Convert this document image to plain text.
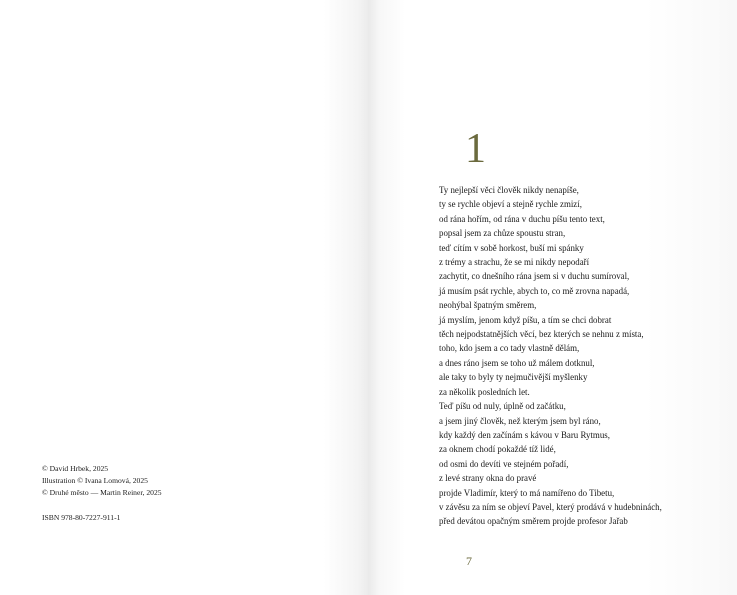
© David Hrbek, 2025
Illustration © Ivana Lomová, 2025
© Druhé město — Martin Reiner, 2025
ISBN 978-80-7227-911-1
1
Ty nejlepší věci člověk nikdy nenapíše,
ty se rychle objeví a stejně rychle zmizí,
od rána hořím, od rána v duchu píšu tento text,
popsal jsem za chůze spoustu stran,
teď cítím v sobě horkost, buší mi spánky
z trémy a strachu, že se mi nikdy nepodaří
zachytit, co dnešního rána jsem si v duchu sumíroval,
já musím psát rychle, abych to, co mě zrovna napadá,
neohýbal špatným směrem,
já myslím, jenom když píšu, a tím se chci dobrat
těch nejpodstatnějších věcí, bez kterých se nehnu z místa,
toho, kdo jsem a co tady vlastně dělám,
a dnes ráno jsem se toho už málem dotknul,
ale taky to byly ty nejmučivější myšlenky
za několik posledních let.
Teď píšu od nuly, úplně od začátku,
a jsem jiný člověk, než kterým jsem byl ráno,
kdy každý den začínám s kávou v Baru Rytmus,
za oknem chodí pokaždé tíž lidé,
od osmi do devíti ve stejném pořadí,
z levé strany okna do pravé
projde Vladimír, který to má namířeno do Tibetu,
v závěsu za ním se objeví Pavel, který prodává v hudebninách,
před devátou opačným směrem projde profesor Jařab
7
